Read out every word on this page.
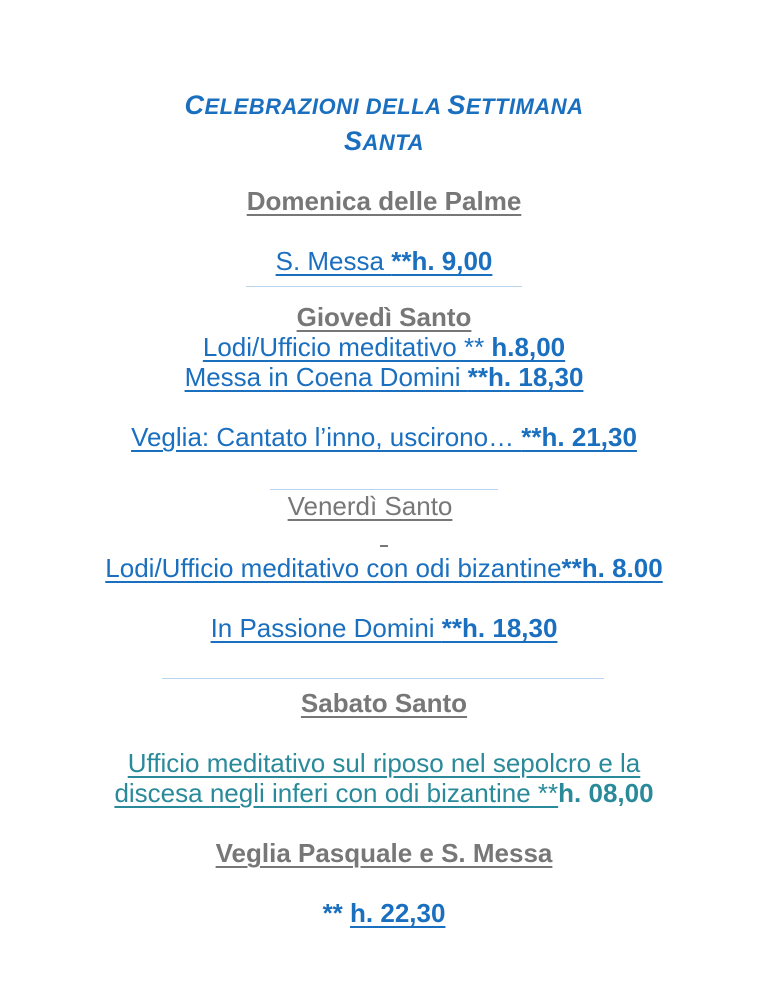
CELEBRAZIONI DELLA SETTIMANA
SANTA
Domenica delle Palme
S. Messa **h. 9,00
Giovedì Santo
Lodi/Ufficio meditativo ** h.8,00
Messa in Coena Domini **h. 18,30
Veglia: Cantato l’inno, uscirono… **h. 21,30
Venerdì Santo
Lodi/Ufficio meditativo con odi bizantine**h. 8.00
In Passione Domini **h. 18,30
Sabato Santo
Ufficio meditativo sul riposo nel sepolcro e la
discesa negli inferi con odi bizantine **h. 08,00
Veglia Pasquale e S. Messa
** h. 22,30
